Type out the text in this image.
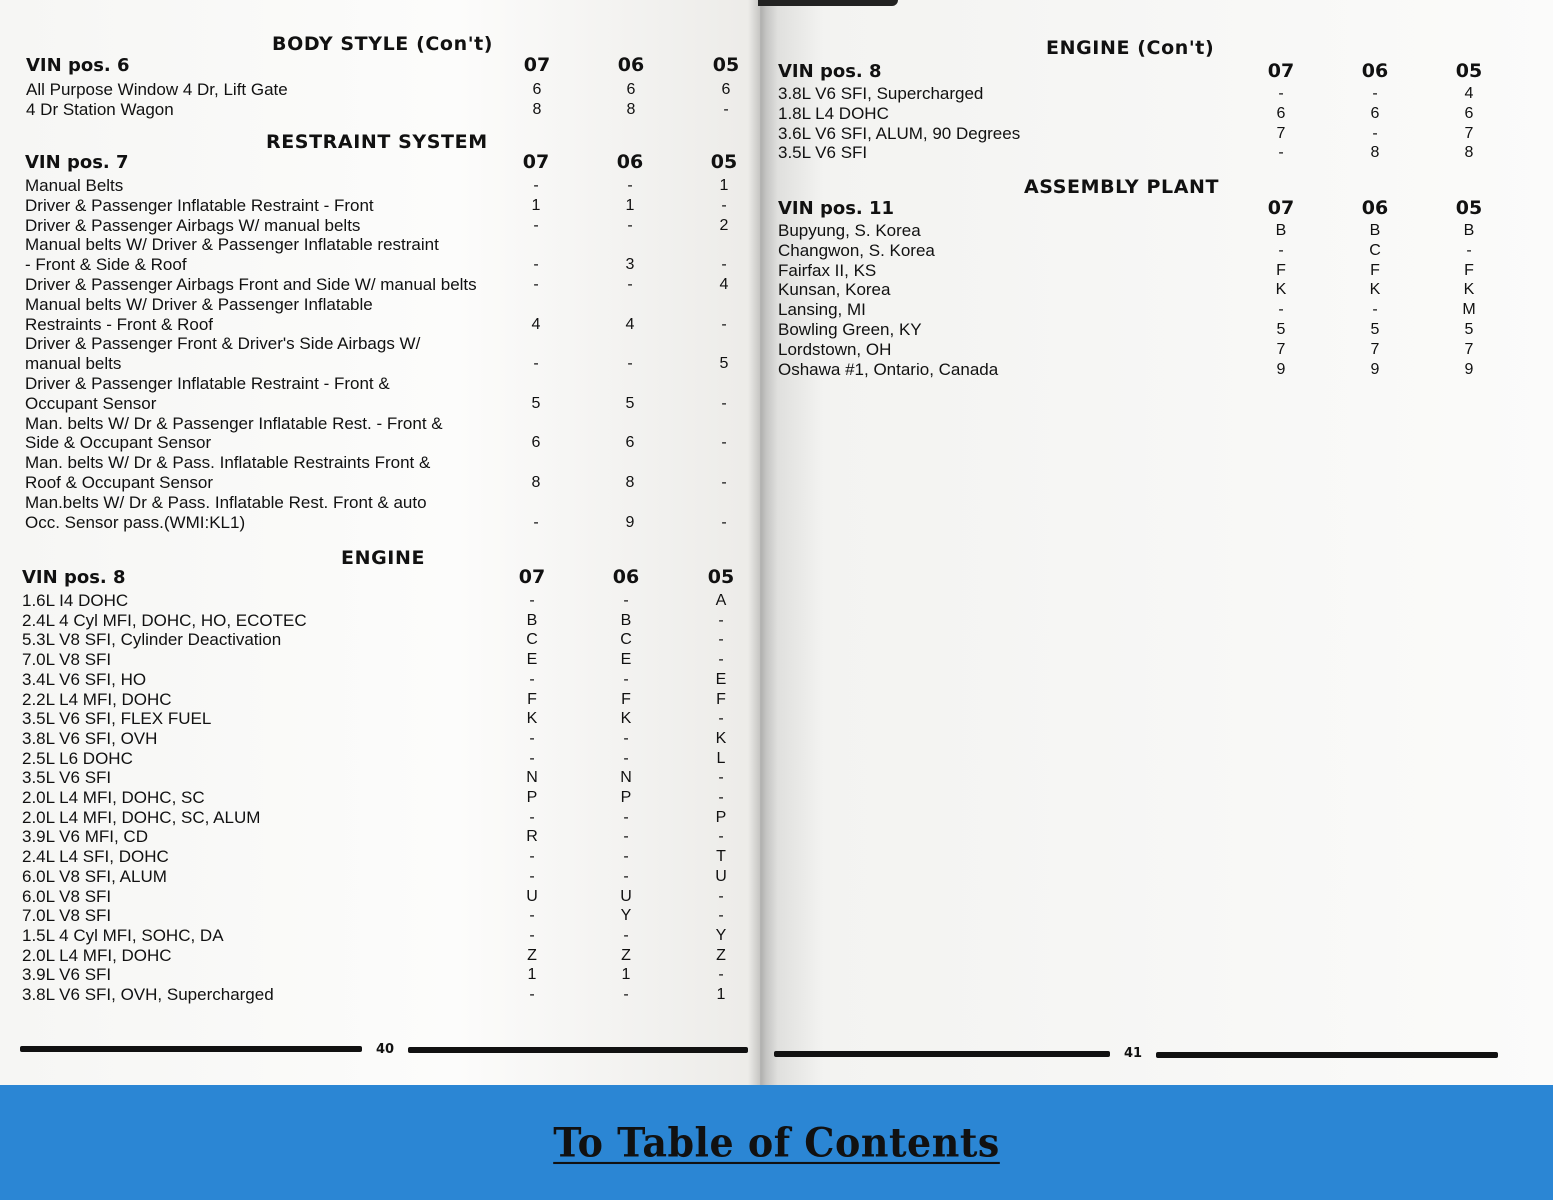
BODY STYLE (Con't)
VIN pos. 6	07	06	05
All Purpose Window 4 Dr, Lift Gate	6	6	6
4 Dr Station Wagon	8	8	-
RESTRAINT SYSTEM
VIN pos. 7	07	06	05
Manual Belts	-	-	1
Driver & Passenger Inflatable Restraint - Front	1	1	-
Driver & Passenger Airbags W/ manual belts	-	-	2
Manual belts W/ Driver & Passenger Inflatable restraint
- Front & Side & Roof	-	3	-
Driver & Passenger Airbags Front and Side W/ manual belts	-	-	4
Manual belts W/ Driver & Passenger Inflatable
Restraints - Front & Roof	4	4	-
Driver & Passenger Front & Driver's Side Airbags W/
manual belts	-	-	5
Driver & Passenger Inflatable Restraint - Front &
Occupant Sensor	5	5	-
Man. belts W/ Dr & Passenger Inflatable Rest. - Front &
Side & Occupant Sensor	6	6	-
Man. belts W/ Dr & Pass. Inflatable Restraints Front &
Roof & Occupant Sensor	8	8	-
Man.belts W/ Dr & Pass. Inflatable Rest. Front & auto
Occ. Sensor pass.(WMI:KL1)	-	9	-
ENGINE
VIN pos. 8	07	06	05
1.6L I4 DOHC	-	-	A
2.4L 4 Cyl MFI, DOHC, HO, ECOTEC	B	B	-
5.3L V8 SFI, Cylinder Deactivation	C	C	-
7.0L V8 SFI	E	E	-
3.4L V6 SFI, HO	-	-	E
2.2L L4 MFI, DOHC	F	F	F
3.5L V6 SFI, FLEX FUEL	K	K	-
3.8L V6 SFI, OVH	-	-	K
2.5L L6 DOHC	-	-	L
3.5L V6 SFI	N	N	-
2.0L L4 MFI, DOHC, SC	P	P	-
2.0L L4 MFI, DOHC, SC, ALUM	-	-	P
3.9L V6 MFI, CD	R	-	-
2.4L L4 SFI, DOHC	-	-	T
6.0L V8 SFI, ALUM	-	-	U
6.0L V8 SFI	U	U	-
7.0L V8 SFI	-	Y	-
1.5L 4 Cyl MFI, SOHC, DA	-	-	Y
2.0L L4 MFI, DOHC	Z	Z	Z
3.9L V6 SFI	1	1	-
3.8L V6 SFI, OVH, Supercharged	-	-	1
ENGINE (Con't)
VIN pos. 8	07	06	05
3.8L V6 SFI, Supercharged	-	-	4
1.8L L4 DOHC	6	6	6
3.6L V6 SFI, ALUM, 90 Degrees	7	-	7
3.5L V6 SFI	-	8	8
ASSEMBLY PLANT
VIN pos. 11	07	06	05
Bupyung, S. Korea	B	B	B
Changwon, S. Korea	-	C	-
Fairfax II, KS	F	F	F
Kunsan, Korea	K	K	K
Lansing, MI	-	-	M
Bowling Green, KY	5	5	5
Lordstown, OH	7	7	7
Oshawa #1, Ontario, Canada	9	9	9
40	41
To Table of Contents
